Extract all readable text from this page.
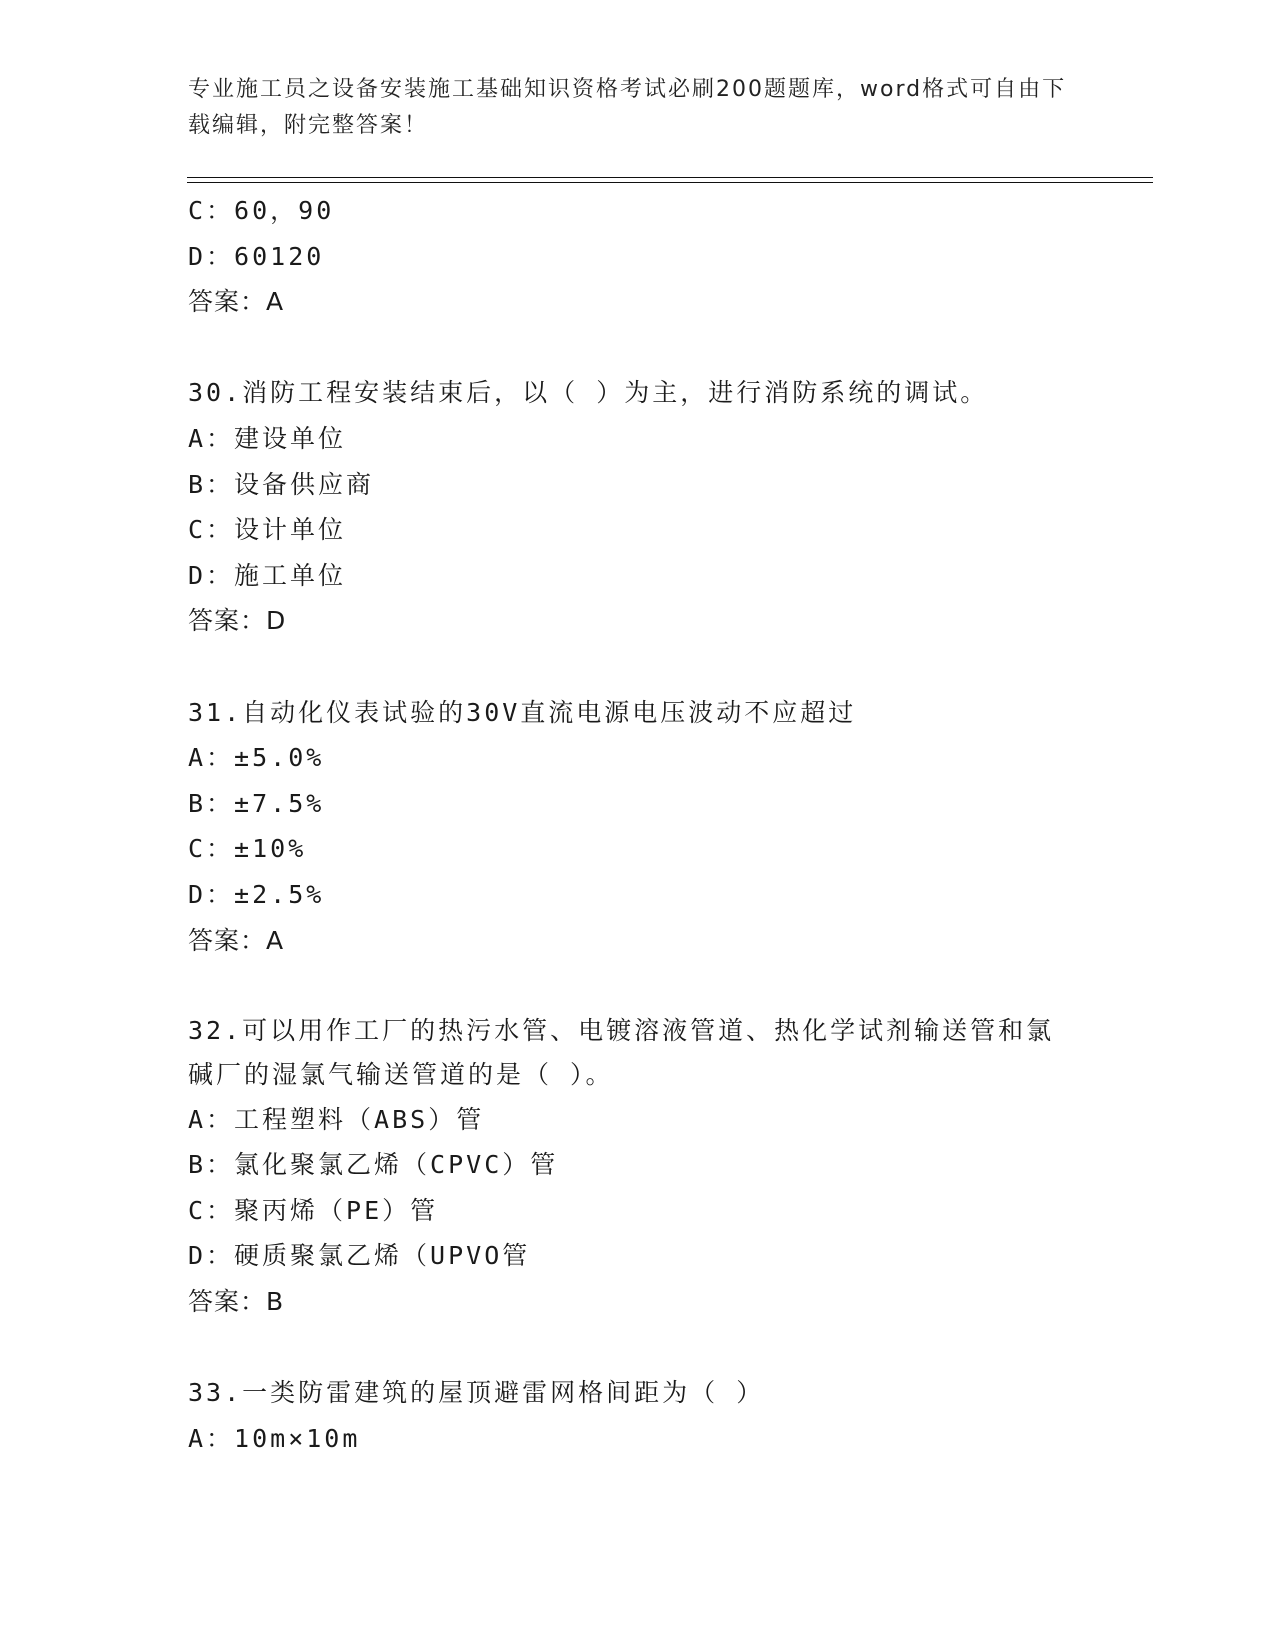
专业施工员之设备安装施工基础知识资格考试必刷200题题库，word格式可自由下载编辑，附完整答案！
C：60，90
D：60120
答案：A
30.消防工程安装结束后，以（ ）为主，进行消防系统的调试。
A：建设单位
B：设备供应商
C：设计单位
D：施工单位
答案：D
31.自动化仪表试验的30V直流电源电压波动不应超过
A：±5.0%
B：±7.5%
C：±10%
D：±2.5%
答案：A
32.可以用作工厂的热污水管、电镀溶液管道、热化学试剂输送管和氯碱厂的湿氯气输送管道的是（ ）。
A：工程塑料（ABS）管
B：氯化聚氯乙烯（CPVC）管
C：聚丙烯（PE）管
D：硬质聚氯乙烯（UPVO管
答案：B
33.一类防雷建筑的屋顶避雷网格间距为（ ）
A：10m×10m
